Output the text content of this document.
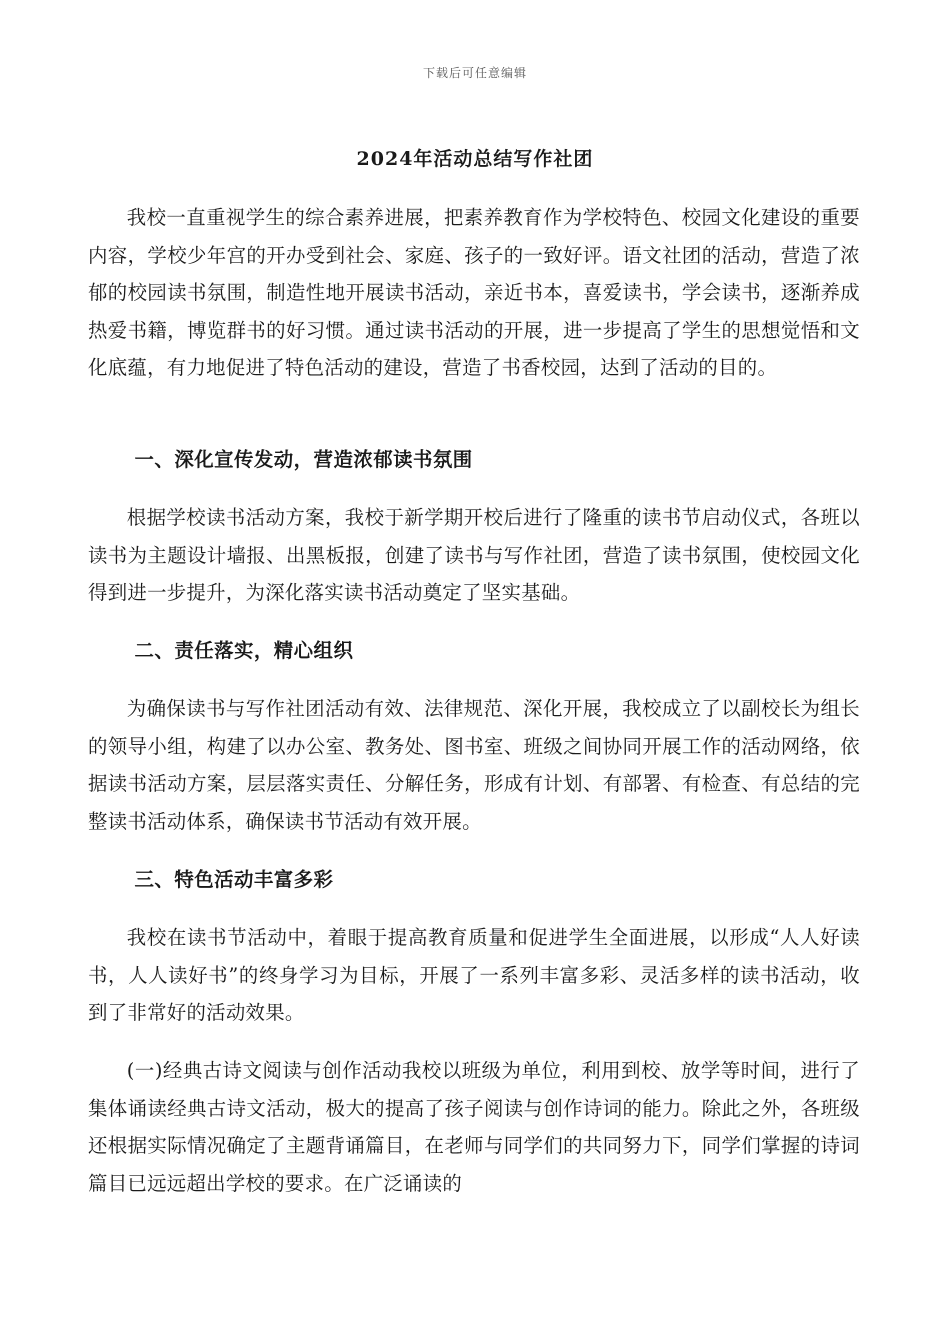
下载后可任意编辑
2024年活动总结写作社团

我校一直重视学生的综合素养进展，把素养教育作为学校特色、校园文化建设的重要内容，学校少年宫的开办受到社会、家庭、孩子的一致好评。语文社团的活动，营造了浓郁的校园读书氛围，制造性地开展读书活动，亲近书本，喜爱读书，学会读书，逐渐养成热爱书籍，博览群书的好习惯。通过读书活动的开展，进一步提高了学生的思想觉悟和文化底蕴，有力地促进了特色活动的建设，营造了书香校园，达到了活动的目的。

一、深化宣传发动，营造浓郁读书氛围

根据学校读书活动方案，我校于新学期开校后进行了隆重的读书节启动仪式，各班以读书为主题设计墙报、出黑板报，创建了读书与写作社团，营造了读书氛围，使校园文化得到进一步提升，为深化落实读书活动奠定了坚实基础。

二、责任落实，精心组织

为确保读书与写作社团活动有效、法律规范、深化开展，我校成立了以副校长为组长的领导小组，构建了以办公室、教务处、图书室、班级之间协同开展工作的活动网络，依据读书活动方案，层层落实责任、分解任务，形成有计划、有部署、有检查、有总结的完整读书活动体系，确保读书节活动有效开展。

三、特色活动丰富多彩

我校在读书节活动中，着眼于提高教育质量和促进学生全面进展，以形成“人人好读书，人人读好书”的终身学习为目标，开展了一系列丰富多彩、灵活多样的读书活动，收到了非常好的活动效果。

(一)经典古诗文阅读与创作活动我校以班级为单位，利用到校、放学等时间，进行了集体诵读经典古诗文活动，极大的提高了孩子阅读与创作诗词的能力。除此之外，各班级还根据实际情况确定了主题背诵篇目，在老师与同学们的共同努力下，同学们掌握的诗词篇目已远远超出学校的要求。在广泛诵读的
